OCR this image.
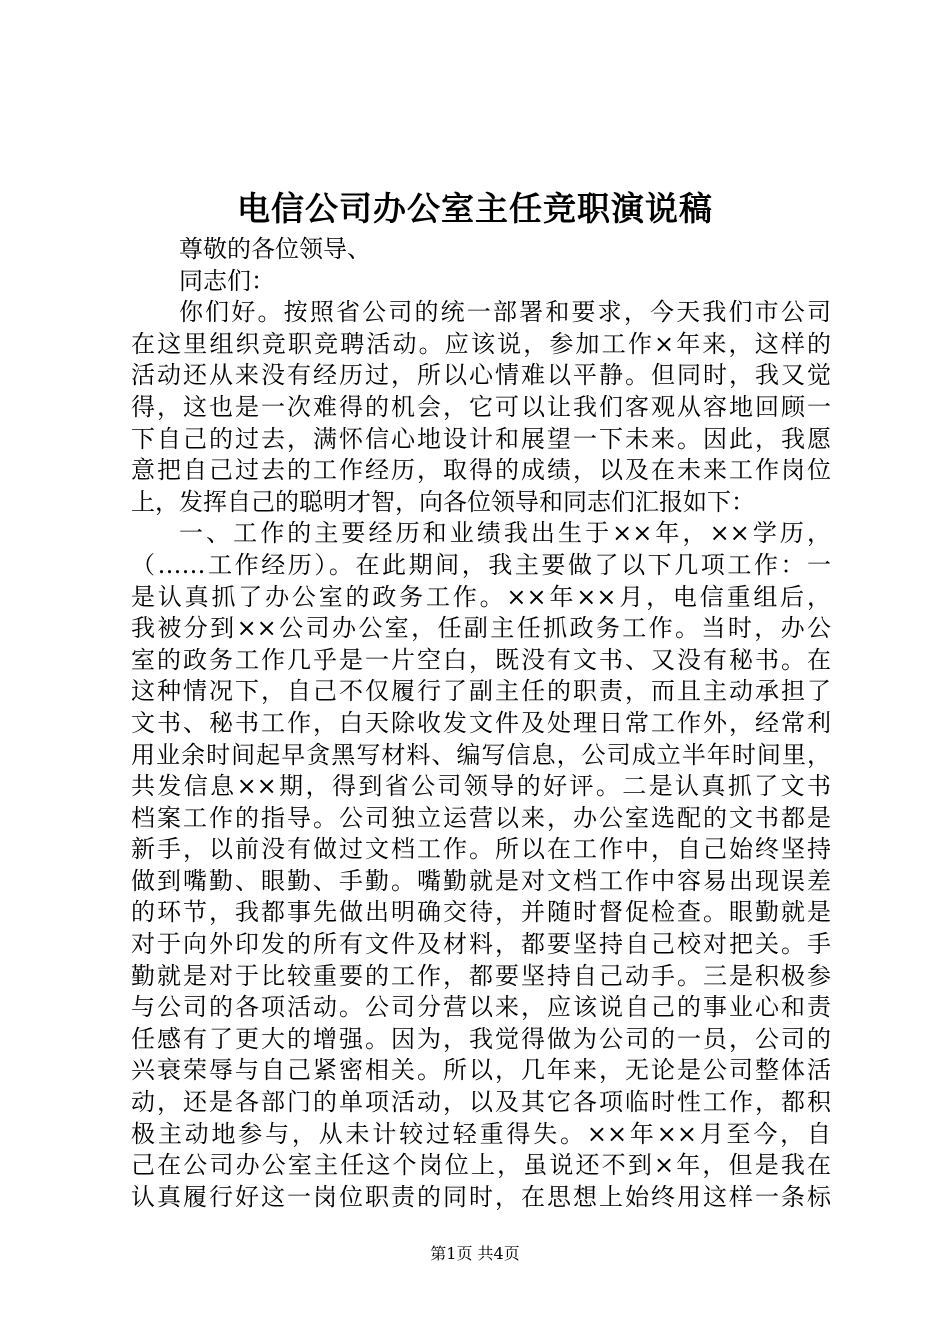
电信公司办公室主任竞职演说稿
尊敬的各位领导、
同志们：
你们好。按照省公司的统一部署和要求，今天我们市公司
在这里组织竞职竞聘活动。应该说，参加工作×年来，这样的
活动还从来没有经历过，所以心情难以平静。但同时，我又觉
得，这也是一次难得的机会，它可以让我们客观从容地回顾一
下自己的过去，满怀信心地设计和展望一下未来。因此，我愿
意把自己过去的工作经历，取得的成绩，以及在未来工作岗位
上，发挥自己的聪明才智，向各位领导和同志们汇报如下：
一、工作的主要经历和业绩我出生于××年，××学历，
（……工作经历）。在此期间，我主要做了以下几项工作：一
是认真抓了办公室的政务工作。××年××月，电信重组后，
我被分到××公司办公室，任副主任抓政务工作。当时，办公
室的政务工作几乎是一片空白，既没有文书、又没有秘书。在
这种情况下，自己不仅履行了副主任的职责，而且主动承担了
文书、秘书工作，白天除收发文件及处理日常工作外，经常利
用业余时间起早贪黑写材料、编写信息，公司成立半年时间里，
共发信息××期，得到省公司领导的好评。二是认真抓了文书
档案工作的指导。公司独立运营以来，办公室选配的文书都是
新手，以前没有做过文档工作。所以在工作中，自己始终坚持
做到嘴勤、眼勤、手勤。嘴勤就是对文档工作中容易出现误差
的环节，我都事先做出明确交待，并随时督促检查。眼勤就是
对于向外印发的所有文件及材料，都要坚持自己校对把关。手
勤就是对于比较重要的工作，都要坚持自己动手。三是积极参
与公司的各项活动。公司分营以来，应该说自己的事业心和责
任感有了更大的增强。因为，我觉得做为公司的一员，公司的
兴衰荣辱与自己紧密相关。所以，几年来，无论是公司整体活
动，还是各部门的单项活动，以及其它各项临时性工作，都积
极主动地参与，从未计较过轻重得失。××年××月至今，自
己在公司办公室主任这个岗位上，虽说还不到×年，但是我在
认真履行好这一岗位职责的同时，在思想上始终用这样一条标
第1页 共4页
